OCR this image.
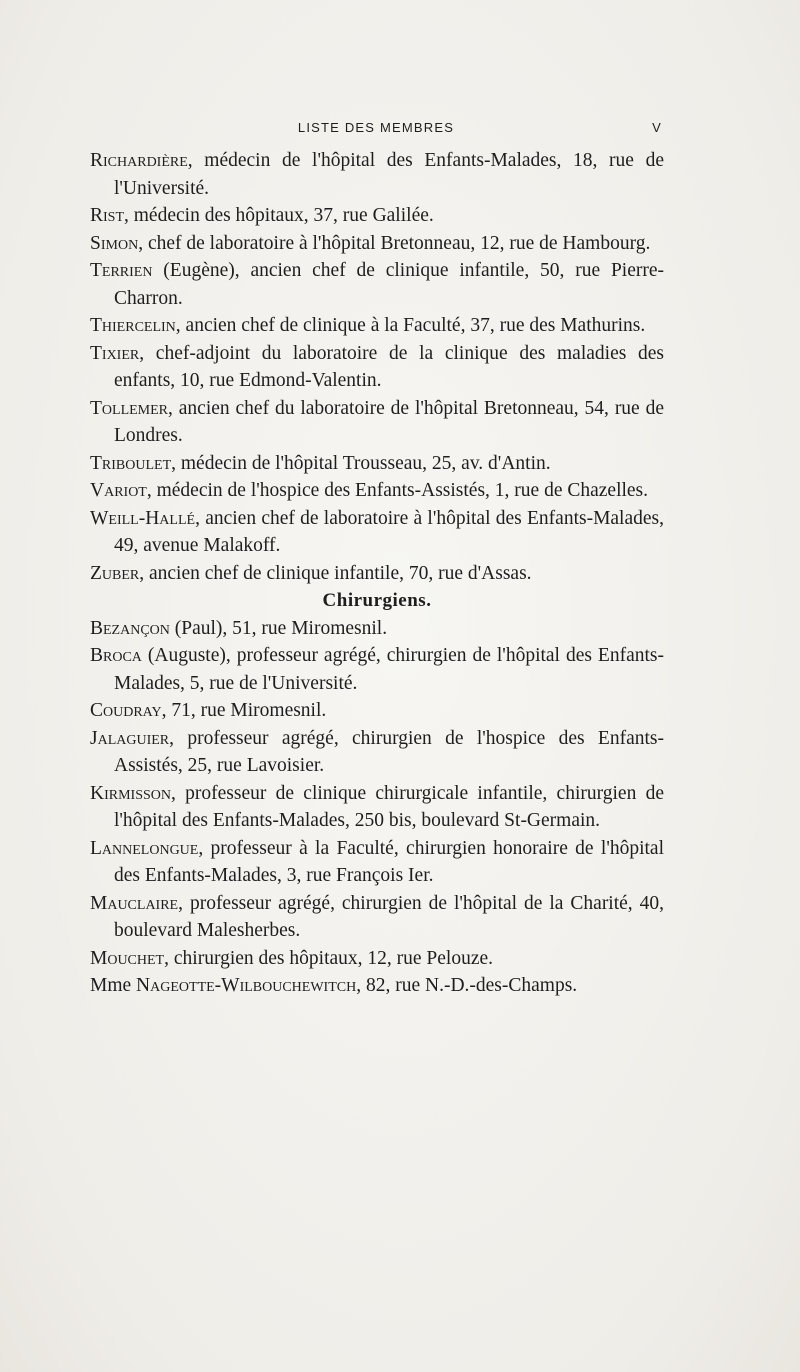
LISTE DES MEMBRES	V

Richardière, médecin de l'hôpital des Enfants-Malades, 18, rue de l'Université.

Rist, médecin des hôpitaux, 37, rue Galilée.

Simon, chef de laboratoire à l'hôpital Bretonneau, 12, rue de Hambourg.

Terrien (Eugène), ancien chef de clinique infantile, 50, rue Pierre-Charron.

Thiercelin, ancien chef de clinique à la Faculté, 37, rue des Mathurins.

Tixier, chef-adjoint du laboratoire de la clinique des maladies des enfants, 10, rue Edmond-Valentin.

Tollemer, ancien chef du laboratoire de l'hôpital Bretonneau, 54, rue de Londres.

Triboulet, médecin de l'hôpital Trousseau, 25, av. d'Antin.

Variot, médecin de l'hospice des Enfants-Assistés, 1, rue de Chazelles.

Weill-Hallé, ancien chef de laboratoire à l'hôpital des Enfants-Malades, 49, avenue Malakoff.

Zuber, ancien chef de clinique infantile, 70, rue d'Assas.

Chirurgiens.

Bezançon (Paul), 51, rue Miromesnil.

Broca (Auguste), professeur agrégé, chirurgien de l'hôpital des Enfants-Malades, 5, rue de l'Université.

Coudray, 71, rue Miromesnil.

Jalaguier, professeur agrégé, chirurgien de l'hospice des Enfants-Assistés, 25, rue Lavoisier.

Kirmisson, professeur de clinique chirurgicale infantile, chirurgien de l'hôpital des Enfants-Malades, 250 bis, boulevard St-Germain.

Lannelongue, professeur à la Faculté, chirurgien honoraire de l'hôpital des Enfants-Malades, 3, rue François Ier.

Mauclaire, professeur agrégé, chirurgien de l'hôpital de la Charité, 40, boulevard Malesherbes.

Mouchet, chirurgien des hôpitaux, 12, rue Pelouze.

Mme Nageotte-Wilbouchewitch, 82, rue N.-D.-des-Champs.
